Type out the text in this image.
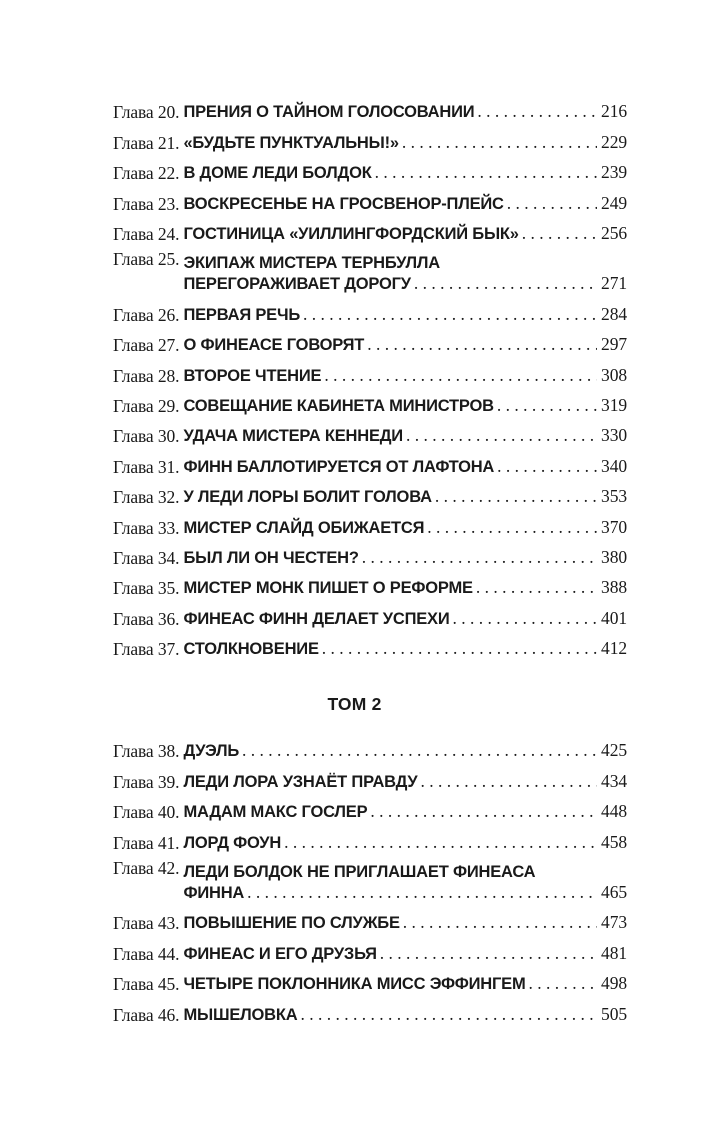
Глава 20. ПРЕНИЯ О ТАЙНОМ ГОЛОСОВАНИИ . . .	216
Глава 21. «БУДЬТЕ ПУНКТУАЛЬНЫ!» . . .	229
Глава 22. В ДОМЕ ЛЕДИ БОЛДОК . . .	239
Глава 23. ВОСКРЕСЕНЬЕ НА ГРОСВЕНОР-ПЛЕЙС . . .	249
Глава 24. ГОСТИНИЦА «УИЛЛИНГФОРДСКИЙ БЫК» . . .	256
Глава 25. ЭКИПАЖ МИСТЕРА ТЕРНБУЛЛА
ПЕРЕГОРАЖИВАЕТ ДОРОГУ . . .	271
Глава 26. ПЕРВАЯ РЕЧЬ . . .	284
Глава 27. О ФИНЕАСЕ ГОВОРЯТ . . .	297
Глава 28. ВТОРОЕ ЧТЕНИЕ . . .	308
Глава 29. СОВЕЩАНИЕ КАБИНЕТА МИНИСТРОВ . . .	319
Глава 30. УДАЧА МИСТЕРА КЕННЕДИ . . .	330
Глава 31. ФИНН БАЛЛОТИРУЕТСЯ ОТ ЛАФТОНА . . .	340
Глава 32. У ЛЕДИ ЛОРЫ БОЛИТ ГОЛОВА . . .	353
Глава 33. МИСТЕР СЛАЙД ОБИЖАЕТСЯ . . .	370
Глава 34. БЫЛ ЛИ ОН ЧЕСТЕН? . . .	380
Глава 35. МИСТЕР МОНК ПИШЕТ О РЕФОРМЕ . . .	388
Глава 36. ФИНЕАС ФИНН ДЕЛАЕТ УСПЕХИ . . .	401
Глава 37. СТОЛКНОВЕНИЕ . . .	412
ТОМ 2
Глава 38. ДУЭЛЬ . . .	425
Глава 39. ЛЕДИ ЛОРА УЗНАЁТ ПРАВДУ . . .	434
Глава 40. МАДАМ МАКС ГОСЛЕР . . .	448
Глава 41. ЛОРД ФОУН . . .	458
Глава 42. ЛЕДИ БОЛДОК НЕ ПРИГЛАШАЕТ ФИНЕАСА
ФИННА . . .	465
Глава 43. ПОВЫШЕНИЕ ПО СЛУЖБЕ . . .	473
Глава 44. ФИНЕАС И ЕГО ДРУЗЬЯ . . .	481
Глава 45. ЧЕТЫРЕ ПОКЛОННИКА МИСС ЭФФИНГЕМ . . .	498
Глава 46. МЫШЕЛОВКА . . .	505
